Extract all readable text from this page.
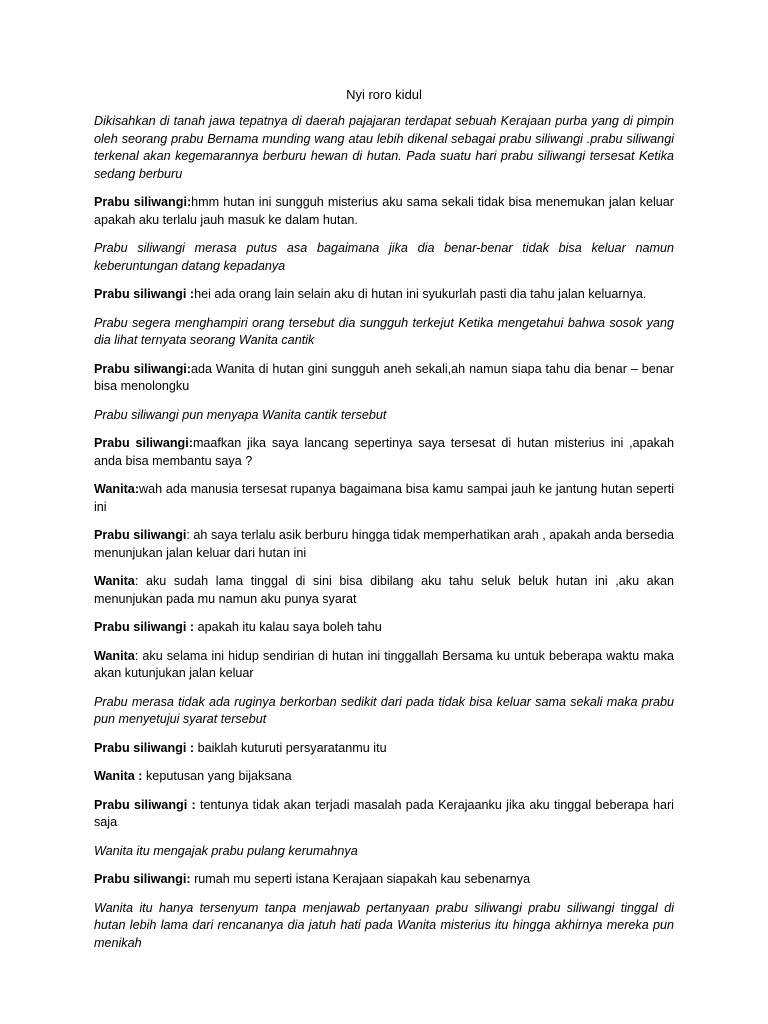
Nyi roro kidul

Dikisahkan di tanah jawa tepatnya di daerah pajajaran terdapat sebuah Kerajaan purba yang di pimpin oleh seorang prabu Bernama munding wang atau lebih dikenal sebagai prabu siliwangi .prabu siliwangi terkenal akan kegemarannya berburu hewan di hutan. Pada suatu hari prabu siliwangi tersesat Ketika sedang berburu

Prabu siliwangi:hmm hutan ini sungguh misterius aku sama sekali tidak bisa menemukan jalan keluar apakah aku terlalu jauh masuk ke dalam hutan.

Prabu siliwangi merasa putus asa bagaimana jika dia benar-benar tidak bisa keluar namun keberuntungan datang kepadanya

Prabu siliwangi :hei ada orang lain selain aku di hutan ini syukurlah pasti dia tahu jalan keluarnya.

Prabu segera menghampiri orang tersebut dia sungguh terkejut Ketika mengetahui bahwa sosok yang dia lihat ternyata seorang Wanita cantik

Prabu siliwangi:ada Wanita di hutan gini sungguh aneh sekali,ah namun siapa tahu dia benar – benar bisa menolongku

Prabu siliwangi pun menyapa Wanita cantik tersebut

Prabu siliwangi:maafkan jika saya lancang sepertinya saya tersesat di hutan misterius ini ,apakah anda bisa membantu saya ?

Wanita:wah ada manusia tersesat rupanya bagaimana bisa kamu sampai jauh ke jantung hutan seperti ini

Prabu siliwangi: ah saya terlalu asik berburu hingga tidak memperhatikan arah , apakah anda bersedia menunjukan jalan keluar dari hutan ini

Wanita: aku sudah lama tinggal di sini bisa dibilang aku tahu seluk beluk hutan ini ,aku akan menunjukan pada mu namun aku punya syarat

Prabu siliwangi : apakah itu kalau saya boleh tahu

Wanita: aku selama ini hidup sendirian di hutan ini tinggallah Bersama ku untuk beberapa waktu maka akan kutunjukan jalan keluar

Prabu merasa tidak ada ruginya berkorban sedikit dari pada tidak bisa keluar sama sekali maka prabu pun menyetujui syarat tersebut

Prabu siliwangi : baiklah kuturuti persyaratanmu itu

Wanita : keputusan yang bijaksana

Prabu siliwangi : tentunya tidak akan terjadi masalah pada Kerajaanku jika aku tinggal beberapa hari saja

Wanita itu mengajak prabu pulang kerumahnya

Prabu siliwangi: rumah mu seperti istana Kerajaan siapakah kau sebenarnya

Wanita itu hanya tersenyum tanpa menjawab pertanyaan prabu siliwangi prabu siliwangi tinggal di hutan lebih lama dari rencananya dia jatuh hati pada Wanita misterius itu hingga akhirnya mereka pun menikah
